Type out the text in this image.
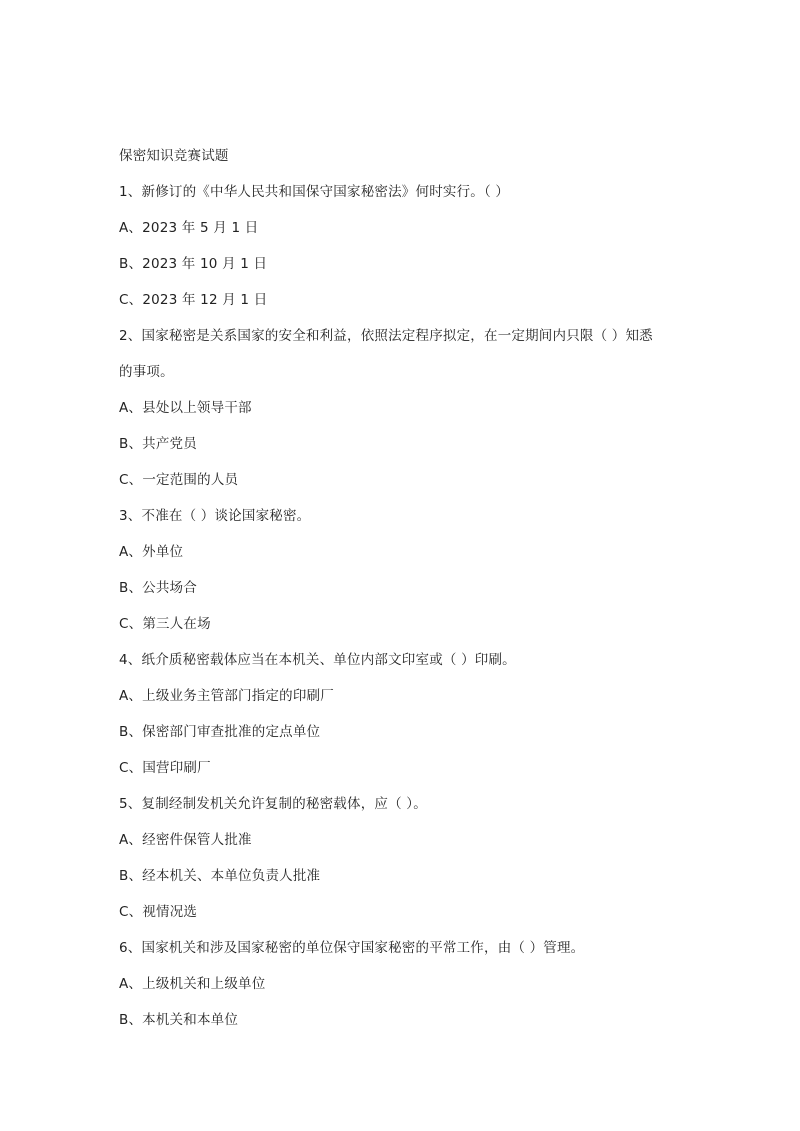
保密知识竞赛试题
1、新修订的《中华人民共和国保守国家秘密法》何时实行。（ ）
A、2023 年 5 月 1 日
B、2023 年 10 月 1 日
C、2023 年 12 月 1 日
2、国家秘密是关系国家的安全和利益，依照法定程序拟定，在一定期间内只限（ ）知悉
的事项。
A、县处以上领导干部
B、共产党员
C、一定范围的人员
3、不准在（ ）谈论国家秘密。
A、外单位
B、公共场合
C、第三人在场
4、纸介质秘密载体应当在本机关、单位内部文印室或（ ）印刷。
A、上级业务主管部门指定的印刷厂
B、保密部门审查批准的定点单位
C、国营印刷厂
5、复制经制发机关允许复制的秘密载体，应（ ）。
A、经密件保管人批准
B、经本机关、本单位负责人批准
C、视情况选
6、国家机关和涉及国家秘密的单位保守国家秘密的平常工作，由（ ）管理。
A、上级机关和上级单位
B、本机关和本单位
